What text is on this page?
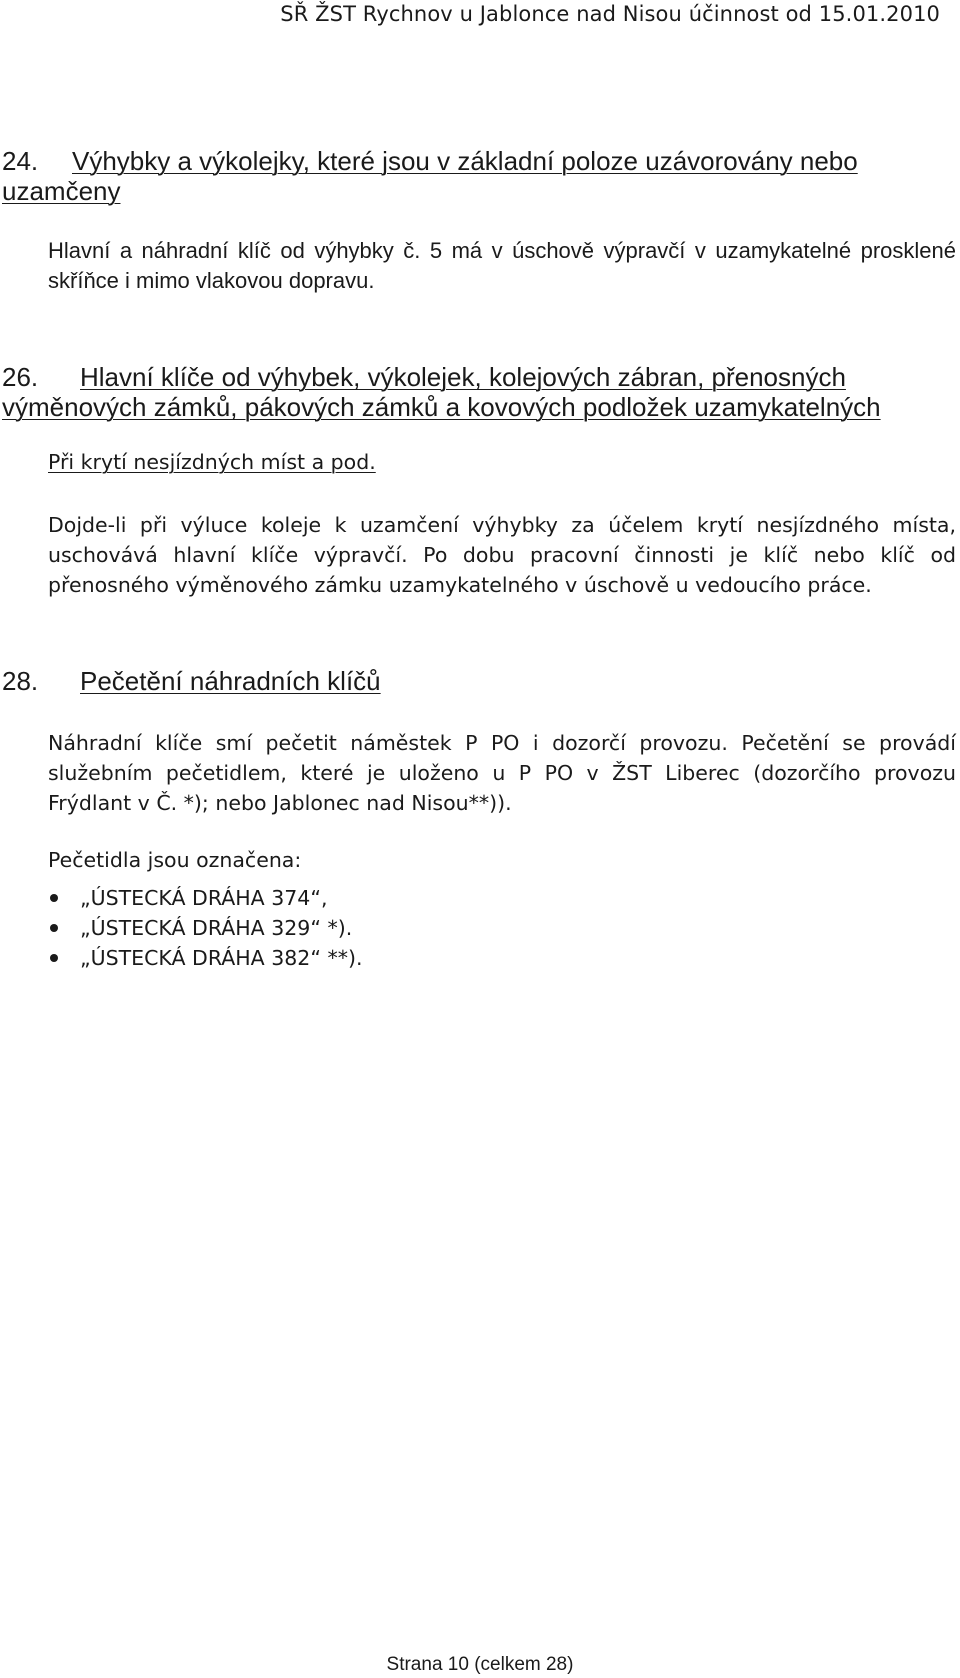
SŘ ŽST Rychnov u Jablonce nad Nisou účinnost od 15.01.2010
24. Výhybky a výkolejky, které jsou v základní poloze uzávorovány nebo uzamčeny

Hlavní a náhradní klíč od výhybky č. 5 má v úschově výpravčí v uzamykatelné prosklené skříňce i mimo vlakovou dopravu.

26. Hlavní klíče od výhybek, výkolejek, kolejových zábran, přenosných výměnových zámků, pákových zámků a kovových podložek uzamykatelných

Při krytí nesjízdných míst a pod.

Dojde-li při výluce koleje k uzamčení výhybky za účelem krytí nesjízdného místa, uschovává hlavní klíče výpravčí. Po dobu pracovní činnosti je klíč nebo klíč od přenosného výměnového zámku uzamykatelného v úschově u vedoucího práce.

28. Pečetění náhradních klíčů

Náhradní klíče smí pečetit náměstek P PO i dozorčí provozu. Pečetění se provádí služebním pečetidlem, které je uloženo u P PO v ŽST Liberec (dozorčího provozu Frýdlant v Č. *); nebo Jablonec nad Nisou**)).

Pečetidla jsou označena:

„ÚSTECKÁ DRÁHA 374“,
„ÚSTECKÁ DRÁHA 329“ *).
„ÚSTECKÁ DRÁHA 382“ **).
Strana 10 (celkem 28)
